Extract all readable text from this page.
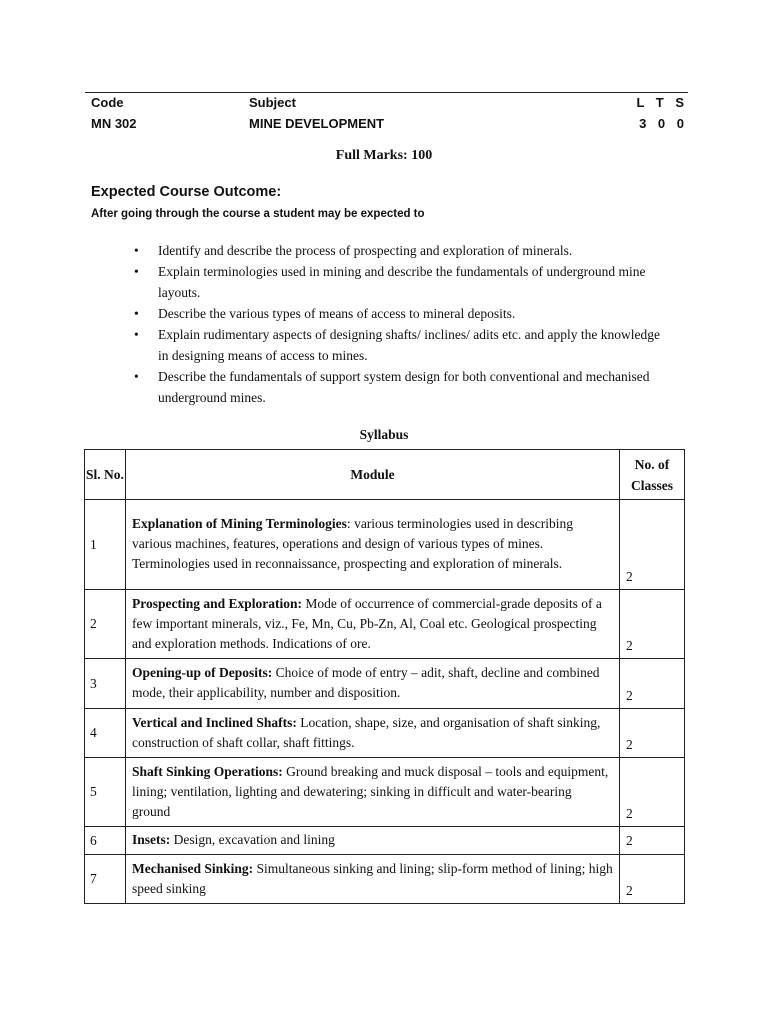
Code	Subject	L T S
MN 302	MINE DEVELOPMENT	3 0 0
Full Marks: 100
Expected Course Outcome:
After going through the course a student may be expected to
• Identify and describe the process of prospecting and exploration of minerals.
• Explain terminologies used in mining and describe the fundamentals of underground mine layouts.
• Describe the various types of means of access to mineral deposits.
• Explain rudimentary aspects of designing shafts/ inclines/ adits etc. and apply the knowledge in designing means of access to mines.
• Describe the fundamentals of support system design for both conventional and mechanised underground mines.
Syllabus
Sl. No.	Module	No. of Classes
1	Explanation of Mining Terminologies: various terminologies used in describing various machines, features, operations and design of various types of mines. Terminologies used in reconnaissance, prospecting and exploration of minerals.	2
2	Prospecting and Exploration: Mode of occurrence of commercial-grade deposits of a few important minerals, viz., Fe, Mn, Cu, Pb-Zn, Al, Coal etc. Geological prospecting and exploration methods. Indications of ore.	2
3	Opening-up of Deposits: Choice of mode of entry – adit, shaft, decline and combined mode, their applicability, number and disposition.	2
4	Vertical and Inclined Shafts: Location, shape, size, and organisation of shaft sinking, construction of shaft collar, shaft fittings.	2
5	Shaft Sinking Operations: Ground breaking and muck disposal – tools and equipment, lining; ventilation, lighting and dewatering; sinking in difficult and water-bearing ground	2
6	Insets: Design, excavation and lining	2
7	Mechanised Sinking: Simultaneous sinking and lining; slip-form method of lining; high speed sinking	2
